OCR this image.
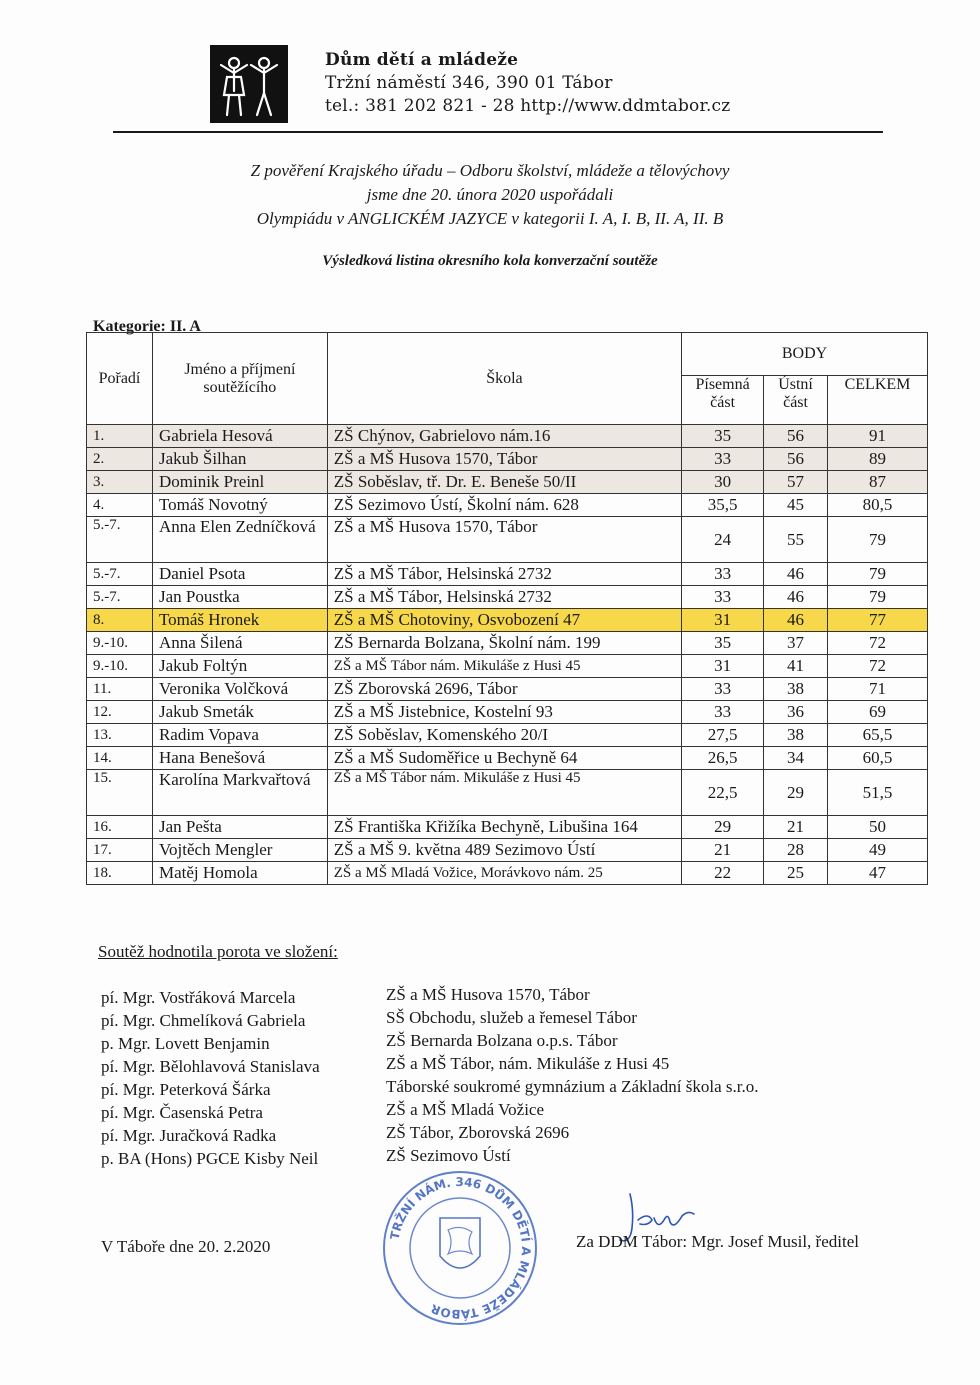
Dům dětí a mládeže
Tržní náměstí 346, 390 01 Tábor
tel.: 381 202 821 - 28 http://www.ddmtabor.cz
Z pověření Krajského úřadu – Odboru školství, mládeže a tělovýchovy
jsme dne 20. února 2020 uspořádali
Olympiádu v ANGLICKÉM JAZYCE v kategorii I. A, I. B, II. A, II. B
Výsledková listina okresního kola konverzační soutěže
Kategorie: II. A
Pořadí	Jméno a příjmení soutěžícího	Škola	BODY		
			Písemná část	Ústní část	CELKEM
1.	Gabriela Hesová	ZŠ Chýnov, Gabrielovo nám.16	35	56	91
2.	Jakub Šilhan	ZŠ a MŠ Husova 1570, Tábor	33	56	89
3.	Dominik Preinl	ZŠ Soběslav, tř. Dr. E. Beneše 50/II	30	57	87
4.	Tomáš Novotný	ZŠ Sezimovo Ústí, Školní nám. 628	35,5	45	80,5
5.-7.	Anna Elen Zedníčková	ZŠ a MŠ Husova 1570, Tábor	24	55	79
5.-7.	Daniel Psota	ZŠ a MŠ Tábor, Helsinská 2732	33	46	79
5.-7.	Jan Poustka	ZŠ a MŠ Tábor, Helsinská 2732	33	46	79
8.	Tomáš Hronek	ZŠ a MŠ Chotoviny, Osvobození 47	31	46	77
9.-10.	Anna Šilená	ZŠ Bernarda Bolzana, Školní nám. 199	35	37	72
9.-10.	Jakub Foltýn	ZŠ a MŠ Tábor nám. Mikuláše z Husi 45	31	41	72
11.	Veronika Volčková	ZŠ Zborovská 2696, Tábor	33	38	71
12.	Jakub Smeták	ZŠ a MŠ Jistebnice, Kostelní 93	33	36	69
13.	Radim Vopava	ZŠ Soběslav, Komenského 20/I	27,5	38	65,5
14.	Hana Benešová	ZŠ a MŠ Sudoměřice u Bechyně 64	26,5	34	60,5
15.	Karolína Markvařtová	ZŠ a MŠ Tábor nám. Mikuláše z Husi 45	22,5	29	51,5
16.	Jan Pešta	ZŠ Františka Křižíka Bechyně, Libušina 164	29	21	50
17.	Vojtěch Mengler	ZŠ a MŠ 9. května 489 Sezimovo Ústí	21	28	49
18.	Matěj Homola	ZŠ a MŠ Mladá Vožice, Morávkovo nám. 25	22	25	47
Soutěž hodnotila porota ve složení:
pí. Mgr. Vostřáková Marcela
pí. Mgr. Chmelíková Gabriela
p. Mgr. Lovett Benjamin
pí. Mgr. Bělohlavová Stanislava
pí. Mgr. Peterková Šárka
pí. Mgr. Časenská Petra
pí. Mgr. Juračková Radka
p. BA (Hons) PGCE Kisby Neil
ZŠ a MŠ Husova 1570, Tábor
SŠ Obchodu, služeb a řemesel Tábor
ZŠ Bernarda Bolzana o.p.s. Tábor
ZŠ a MŠ Tábor, nám. Mikuláše z Husi 45
Táborské soukromé gymnázium a Základní škola s.r.o.
ZŠ a MŠ Mladá Vožice
ZŠ Tábor, Zborovská 2696
ZŠ Sezimovo Ústí
V Táboře dne 20. 2.2020
TRŽNÍ NÁM. 346 DŮM DĚTÍ A MLÁDEŽE TÁBOR
Za DDM Tábor: Mgr. Josef Musil, ředitel
